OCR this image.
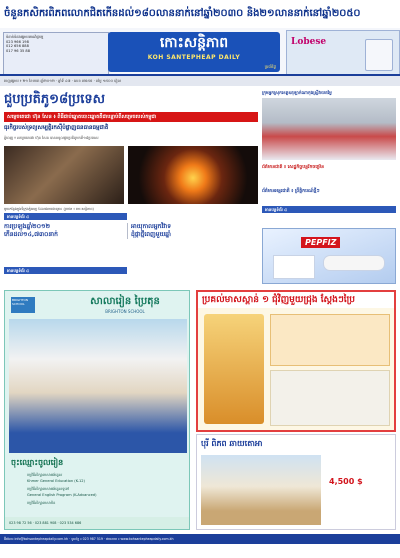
ចំនួនកសិករពិភពលោកជិតកើនដល់១៨០លាននាក់នៅឆ្នាំ២០៣០ និង២១លាននាក់នៅឆ្នាំ២០៥០
ទំនាក់ទំនងផ្សាយពាណិជ្ជកម្ម
023 966 198
012 656 888
017 96 35 88	កោះសន្តិភាព
KOH SANTEPHEAP DAILY
ប្រចាំថ្ងៃ
Lobese
ចេញផ្សាយ ៖ ២១ ខែមករា ឆ្នាំ២០១២ · ឆ្នាំទី ៤៧ · លេខ ៧៥៥៥ · តម្លៃ ១៥០០ រៀល
ជួបប្រតិភូ១៨ប្រទេស
សម្តេចតេជោ ហ៊ុន សែន ៖ ពិធីជាប់ឆ្នោតបោះឆ្នោតគឺជាបន្ទាប់ពីសម្រេចរបស់កម្ពុជា
ធុរកិច្ចរបស់ទ្រព្យសម្បត្តិរកស៊ីបំផ្លាញធនធានធម្មជាតិ
ភ្នំពេញ ៖ សម្តេចតេជោ ហ៊ុន សែន បានទទួលជួបប្រតិភូមកពី១៨ប្រទេស
មួយកន្លែងក្នុងទីក្រុងភ្នំពេញ ដែលរងការរងគ្រោះ (រូបថត ៖ កោះសន្តិភាព)
ក្រុមអ្នកស្រុកខេត្តឧតុឡាក់ណាកុងស្រ្តីវាយតម្លៃ
ព័ត៌មានជាតិ ៖ សេដ្ឋកិច្ចបន្តរីកចម្រើន
ព័ត៌មានអន្តរជាតិ ៖ ព្រឹត្តិការណ៍ថ្មីៗ
អានបន្តទំព័រ ៤
អានបន្តទំព័រ ៤
ការប្រឡងឆ្នាំ២០១២
កើនដល់១៤,៧៣០នាក់
អាយុកាលអ្នកវិវាទ
ដុំផ្កាថ្មីពេញមួយឆ្នាំ
អានបន្តទំព័រ ៤
PEPFIZ
BRIGHTON SCHOOL	សាលារៀន ប្រៃតុន
BRIGHTON SCHOOL
ចុះឈ្មោះចូលរៀន
កម្មវិធីសិក្សាភាសាអង់គ្លេស
Khmer General Education (K-12)
កម្មវិធីសិក្សាភាសាអង់គ្លេសទូទៅ
General English Program (K-Advanced)
កម្មវិធីសិក្សាភាសាចិន
023 98 72 56 · 023 881 908 · 023 534 686
ប្រគល់មាសស្ពាន់ ១ ជុំវិញមួយជ្រុង ស្តែងៗប្រៃ
បុរី ពិភព ឆាយតោអា
4,500 $
អ៊ីម៉េល៖ info@kohsantepheapdaily.com.kh · ទូរស័ព្ទ ៖ 023 987 519 · វេបសាយ ៖ www.kohsantepheapdaily.com.kh
